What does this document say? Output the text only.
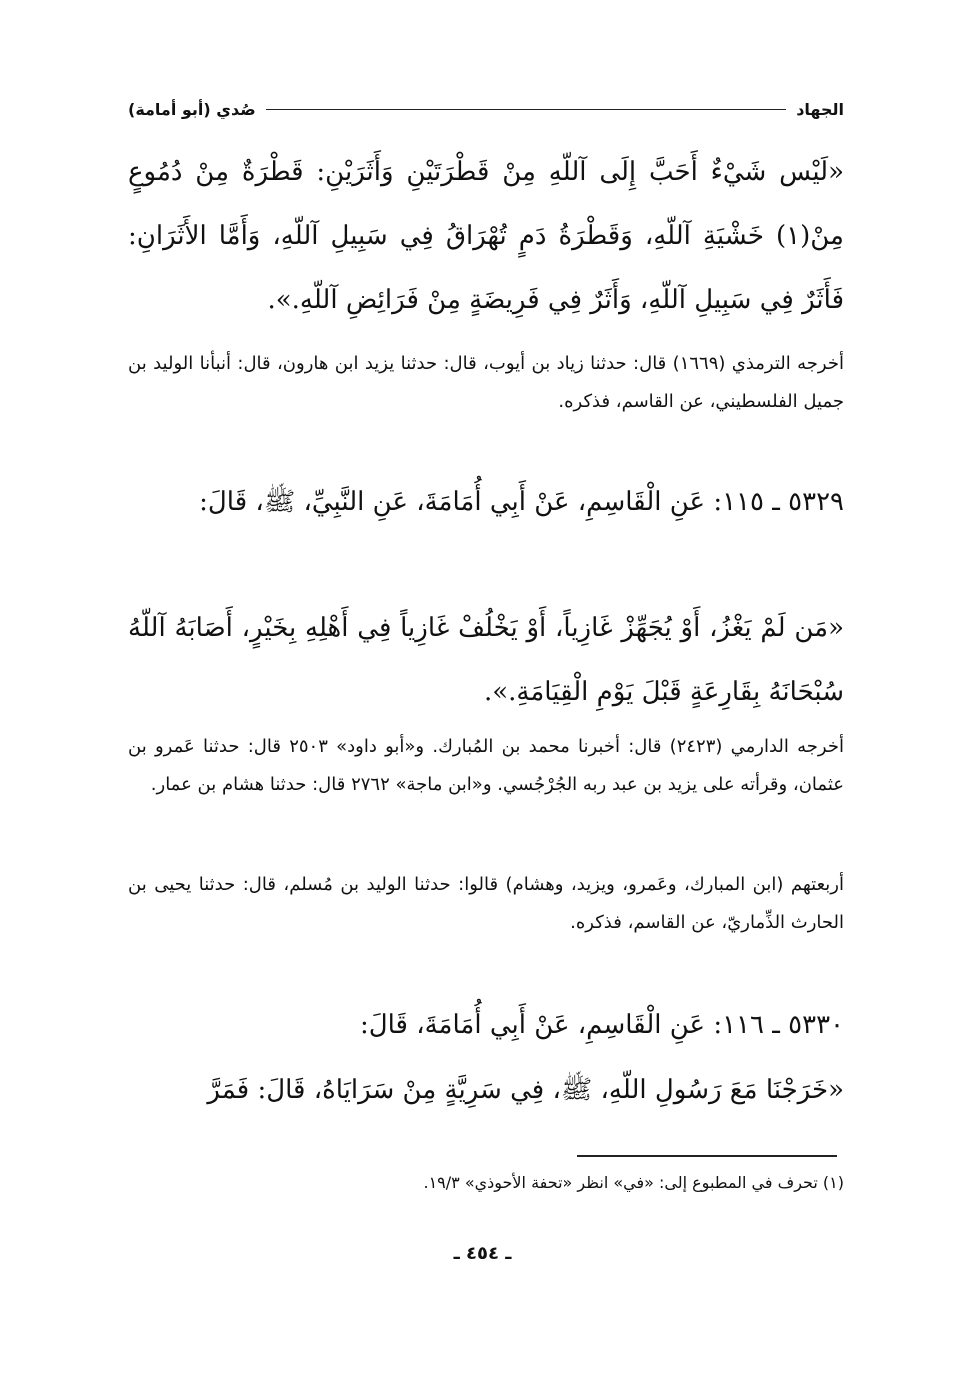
الجهاد
صُدي (أبو أمامة)
«لَيْس شَيْءٌ أَحَبَّ إِلَى آللّهِ مِنْ قَطْرَتَيْنِ وَأَثَرَيْنِ: قَطْرَةٌ مِنْ دُمُوعٍ مِنْ(١) خَشْيَةِ آللّهِ، وَقَطْرَةُ دَمٍ تُهْرَاقُ فِي سَبِيلِ آللّهِ، وَأَمَّا الأَثَرَانِ: فَأَثَرٌ فِي سَبِيلِ آللّهِ، وَأَثَرٌ فِي فَرِيضَةٍ مِنْ فَرَائِضِ آللّهِ.».
أخرجه الترمذي (١٦٦٩) قال: حدثنا زياد بن أيوب، قال: حدثنا يزيد ابن هارون، قال: أنبأنا الوليد بن جميل الفلسطيني، عن القاسم، فذكره.
٥٣٢٩ ـ ١١٥: عَنِ الْقَاسِمِ، عَنْ أَبِي أُمَامَةَ، عَنِ النَّبِيِّ، ﷺ، قَالَ:
«مَن لَمْ يَغْزُ، أَوْ يُجَهِّزْ غَازِياً، أَوْ يَخْلُفْ غَازِياً فِي أَهْلِهِ بِخَيْرٍ، أَصَابَهُ آللّهُ سُبْحَانَهُ بِقَارِعَةٍ قَبْلَ يَوْمِ الْقِيَامَةِ.».
أخرجه الدارمي (٢٤٢٣) قال: أخبرنا محمد بن المُبارك. و«أبو داود» ٢٥٠٣ قال: حدثنا عَمرو بن عثمان، وقرأته على يزيد بن عبد ربه الجُرْجُسي. و«ابن ماجة» ٢٧٦٢ قال: حدثنا هشام بن عمار.
أربعتهم (ابن المبارك، وعَمرو، ويزيد، وهشام) قالوا: حدثنا الوليد بن مُسلم، قال: حدثنا يحيى بن الحارث الذِّماريّ، عن القاسم، فذكره.
٥٣٣٠ ـ ١١٦: عَنِ الْقَاسِمِ، عَنْ أَبِي أُمَامَةَ، قَالَ:
«خَرَجْنَا مَعَ رَسُولِ اللّهِ، ﷺ، فِي سَرِيَّةٍ مِنْ سَرَايَاهُ، قَالَ: فَمَرَّ
(١) تحرف في المطبوع إلى: «في» انظر «تحفة الأحوذي» ١٩/٣.
ـ ٤٥٤ ـ
